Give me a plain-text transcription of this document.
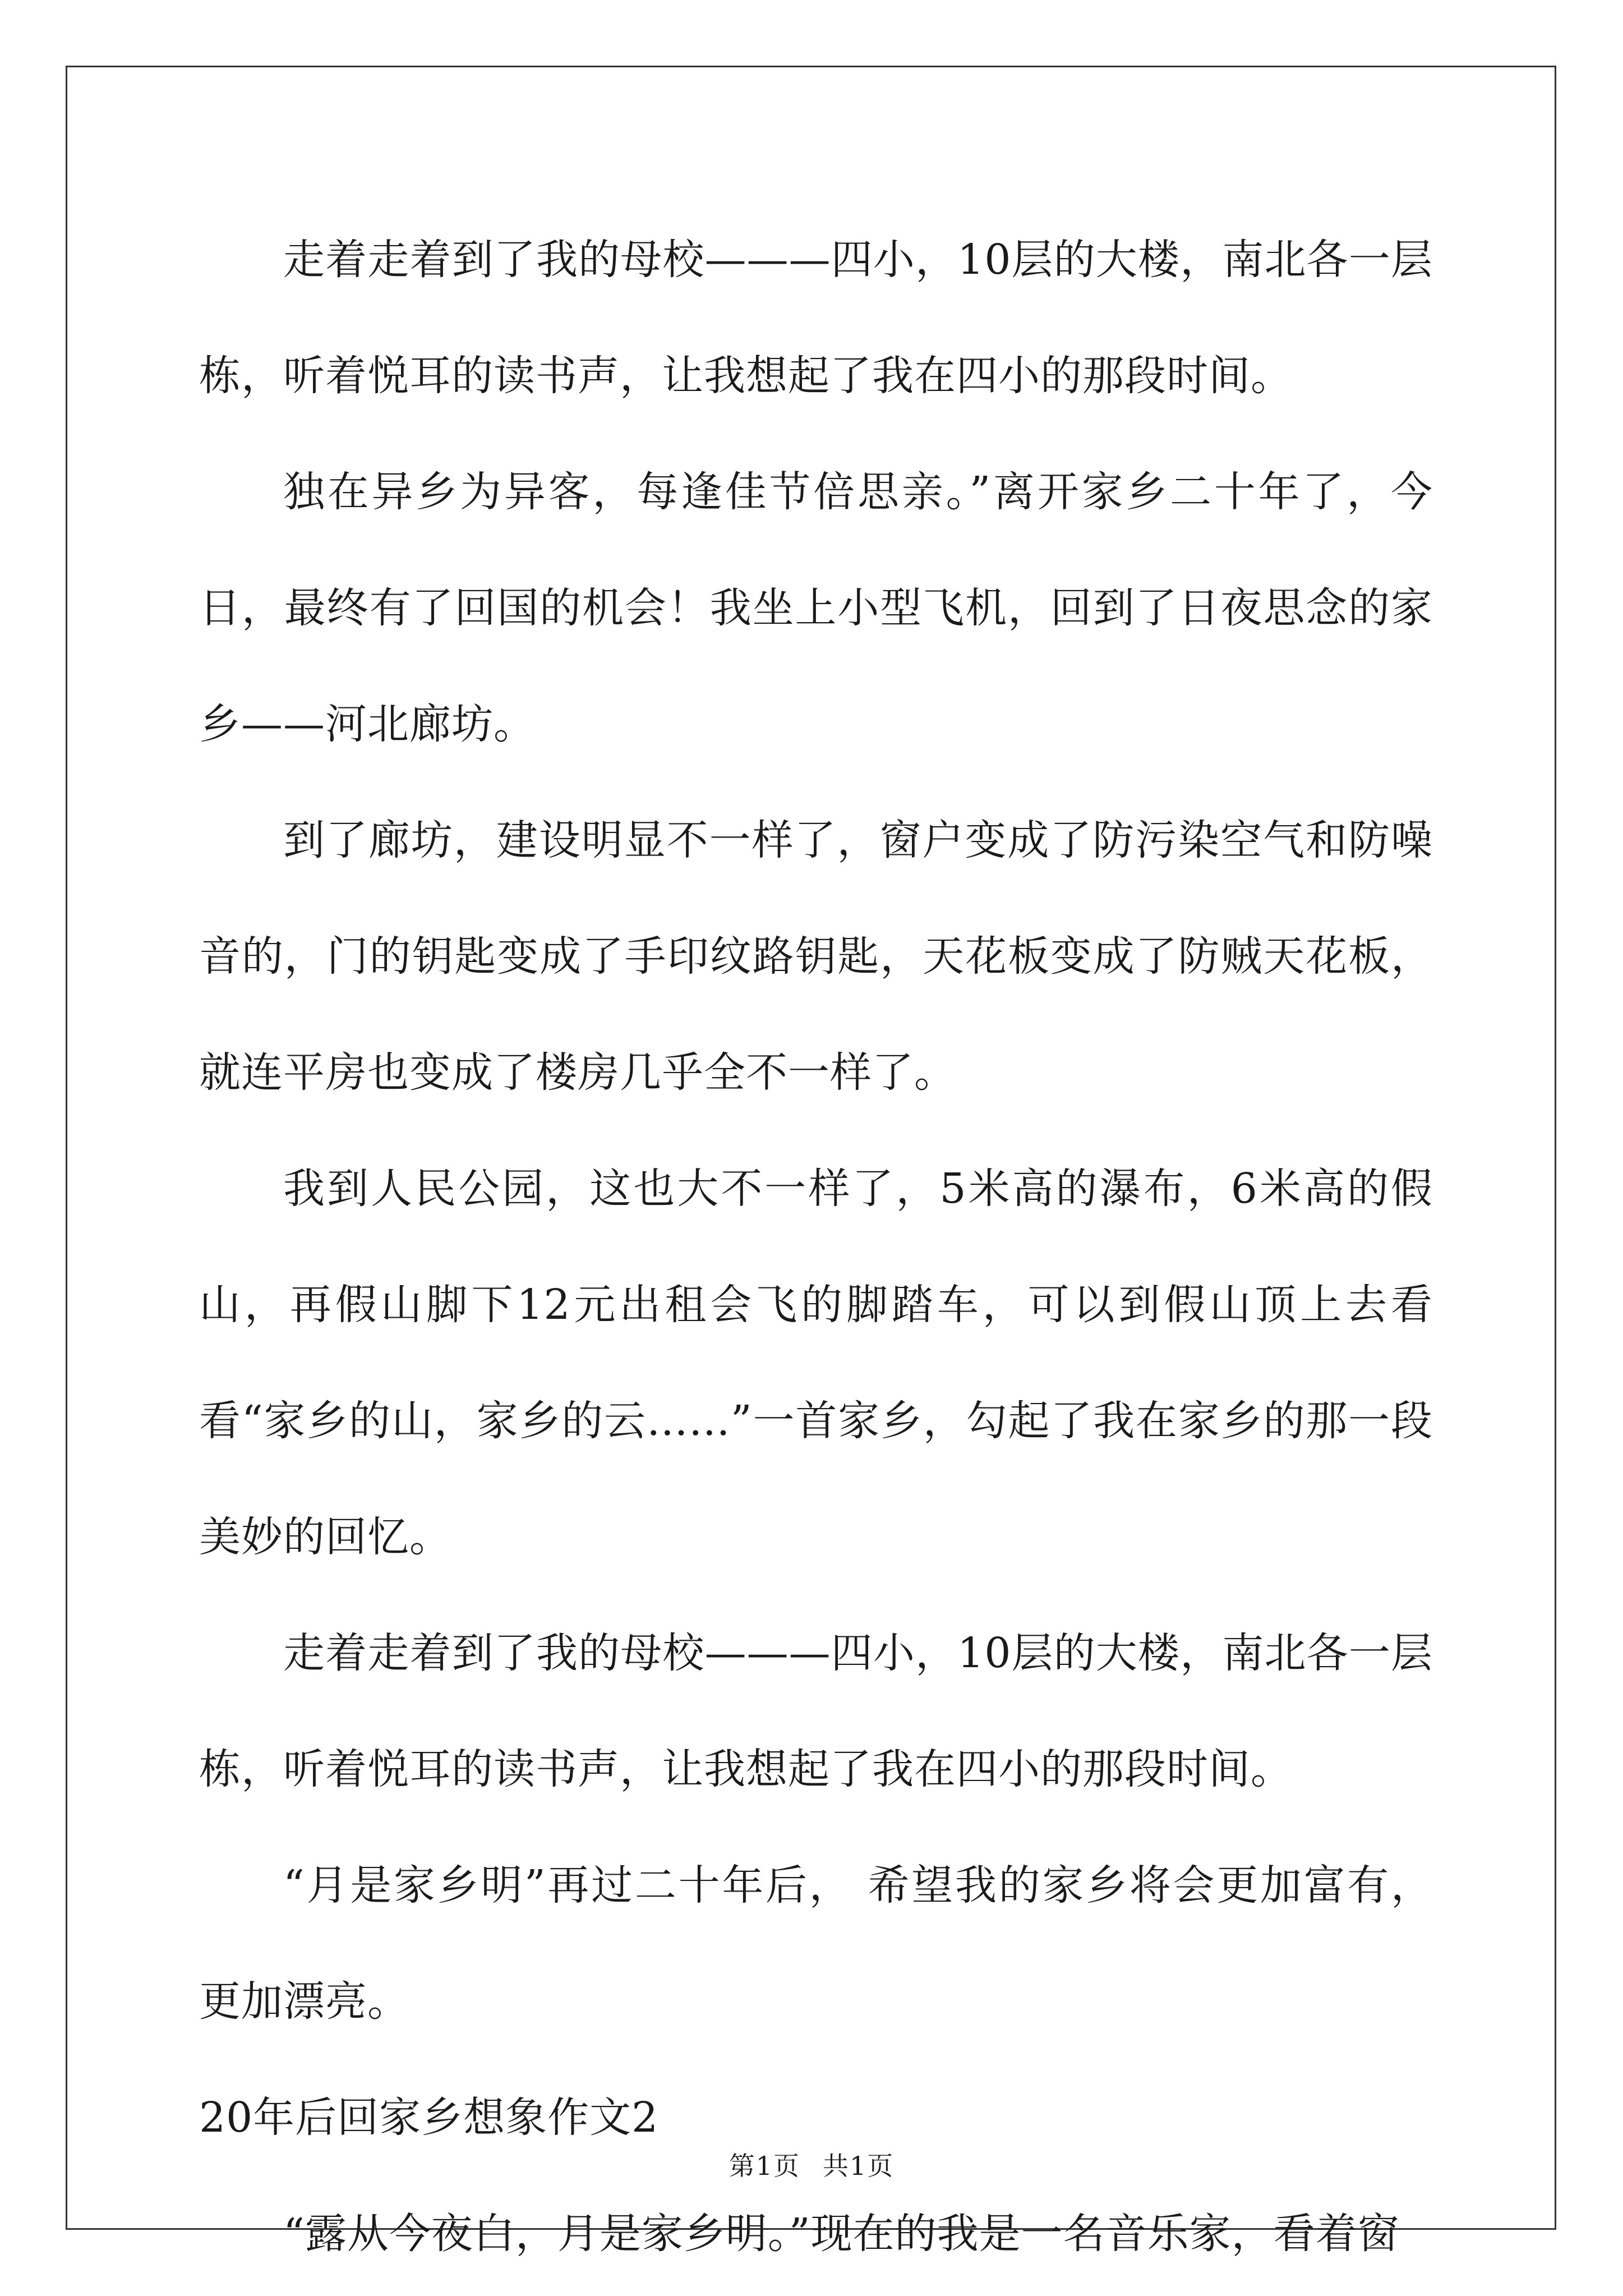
走着走着到了我的母校———四小，10层的大楼，南北各一层栋，听着悦耳的读书声，让我想起了我在四小的那段时间。

独在异乡为异客，每逢佳节倍思亲。”离开家乡二十年了，今日，最终有了回国的机会！我坐上小型飞机，回到了日夜思念的家乡——河北廊坊。

到了廊坊，建设明显不一样了，窗户变成了防污染空气和防噪音的，门的钥匙变成了手印纹路钥匙，天花板变成了防贼天花板，就连平房也变成了楼房几乎全不一样了。

我到人民公园，这也大不一样了，5米高的瀑布，6米高的假山，再假山脚下12元出租会飞的脚踏车，可以到假山顶上去看看“家乡的山，家乡的云……”一首家乡，勾起了我在家乡的那一段美妙的回忆。

走着走着到了我的母校———四小，10层的大楼，南北各一层栋，听着悦耳的读书声，让我想起了我在四小的那段时间。

“月是家乡明”再过二十年后， 希望我的家乡将会更加富有，更加漂亮。

20年后回家乡想象作文2

“露从今夜白，月是家乡明。”现在的我是一名音乐家，看着窗

第1页 共1页
